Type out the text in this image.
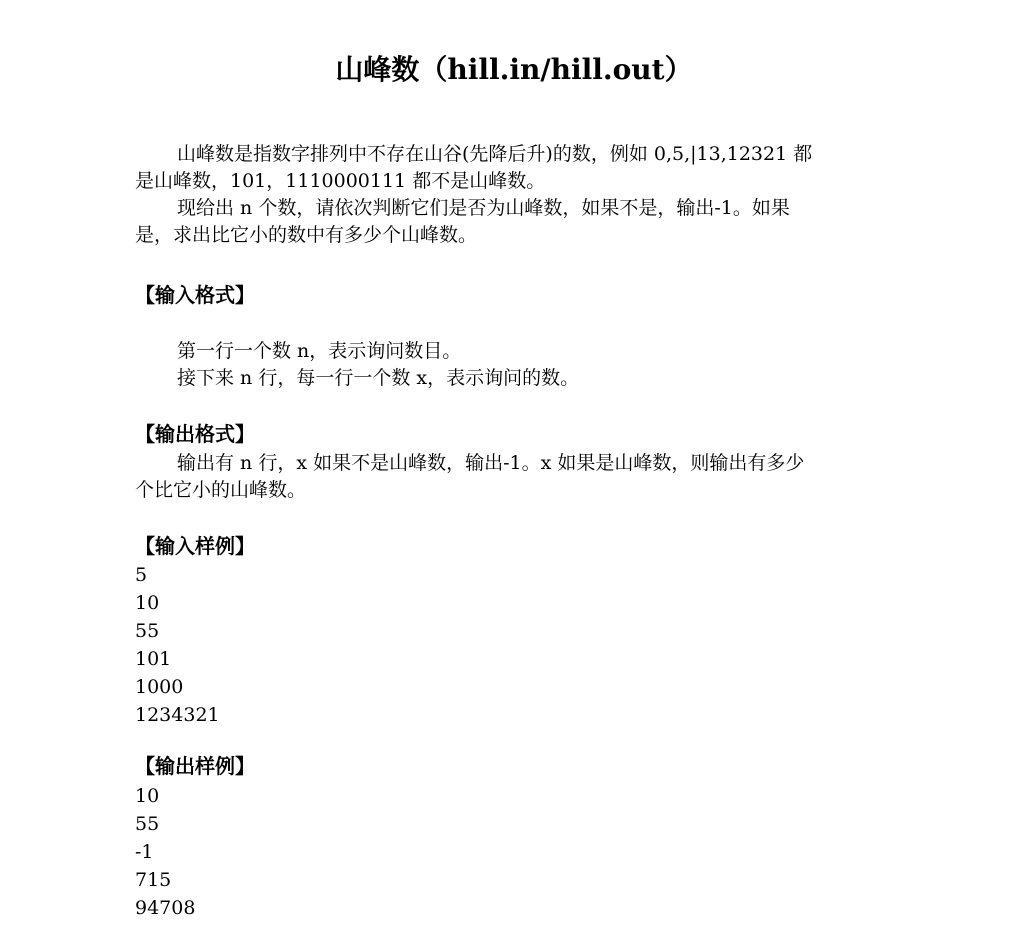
山峰数（hill.in/hill.out）
山峰数是指数字排列中不存在山谷(先降后升)的数，例如 0,5,|13,12321 都
是山峰数，101，1110000111 都不是山峰数。
现给出 n 个数，请依次判断它们是否为山峰数，如果不是，输出-1。如果
是，求出比它小的数中有多少个山峰数。
【输入格式】
第一行一个数 n，表示询问数目。
接下来 n 行，每一行一个数 x，表示询问的数。
【输出格式】
输出有 n 行，x 如果不是山峰数，输出-1。x 如果是山峰数，则输出有多少
个比它小的山峰数。
【输入样例】
5
10
55
101
1000
1234321
【输出样例】
10
55
-1
715
94708
